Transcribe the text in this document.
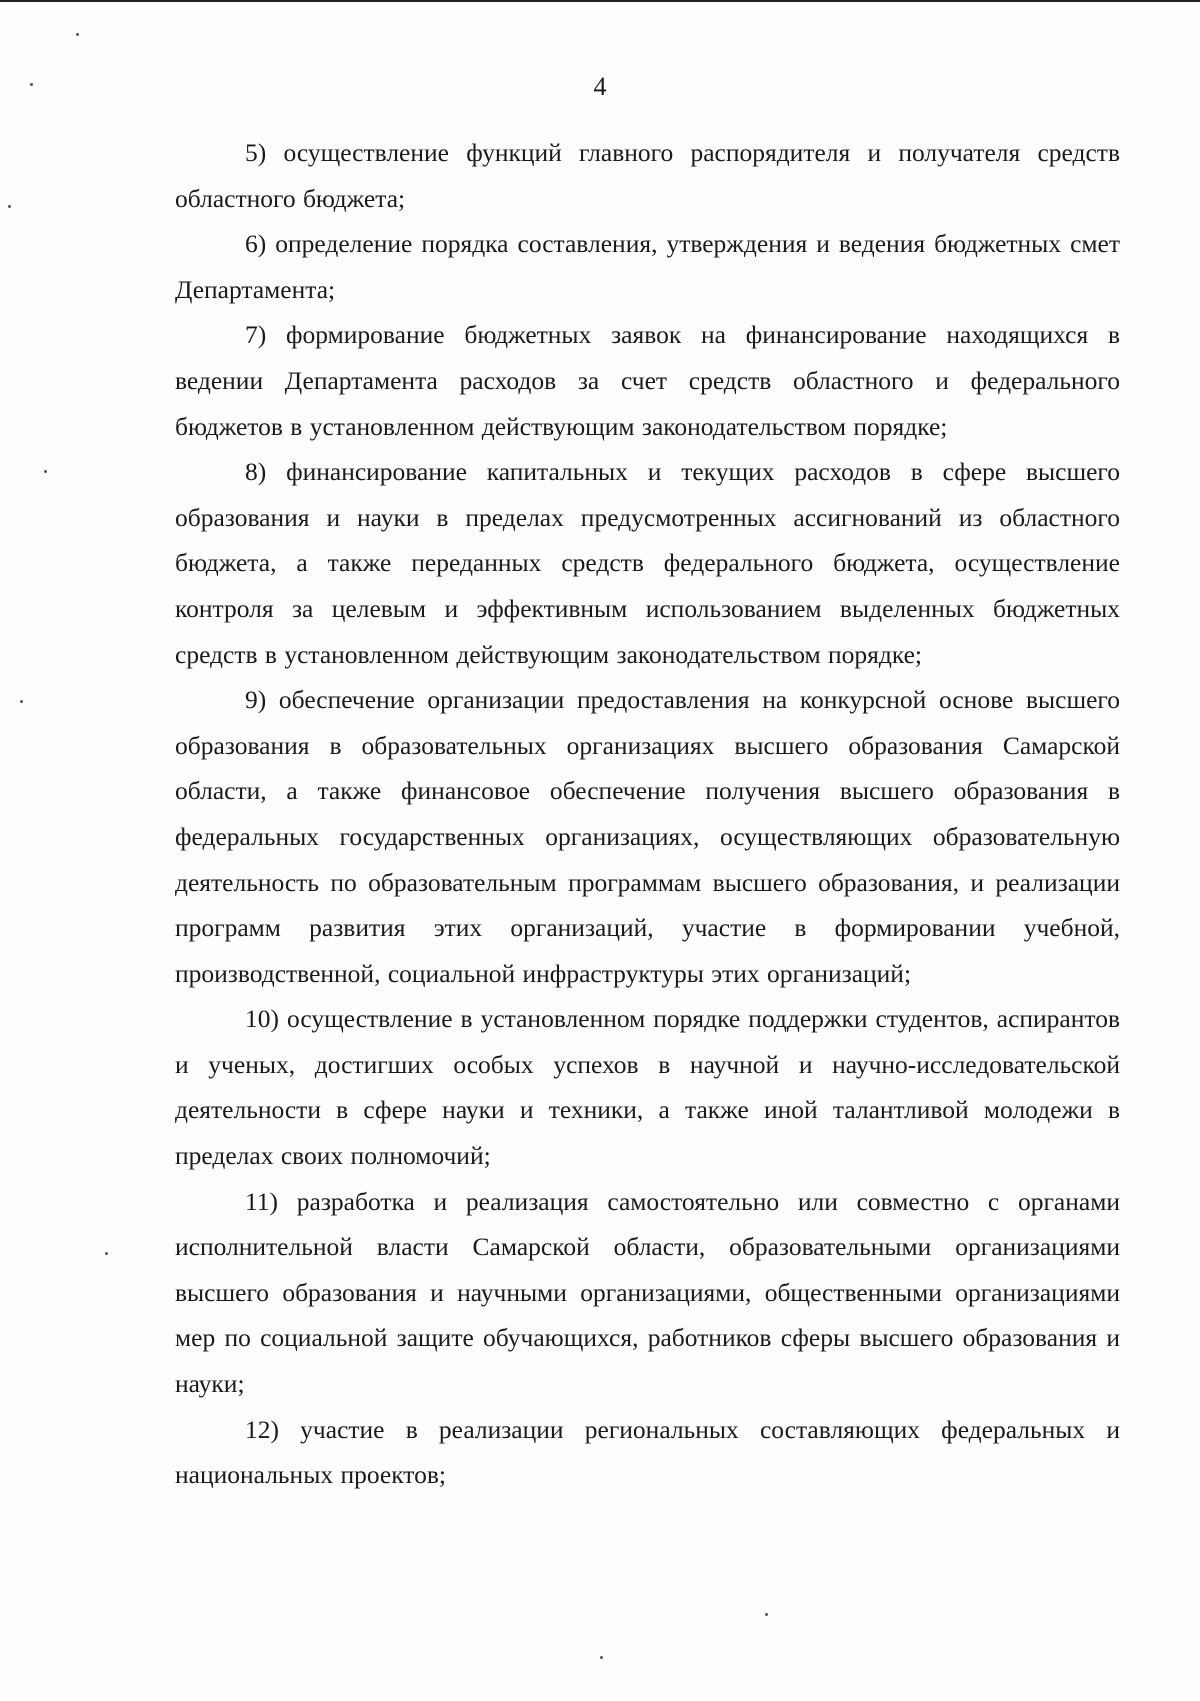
4

5) осуществление функций главного распорядителя и получателя средств областного бюджета;

6) определение порядка составления, утверждения и ведения бюджетных смет Департамента;

7) формирование бюджетных заявок на финансирование находящихся в ведении Департамента расходов за счет средств областного и федерального бюджетов в установленном действующим законодательством порядке;

8) финансирование капитальных и текущих расходов в сфере высшего образования и науки в пределах предусмотренных ассигнований из областного бюджета, а также переданных средств федерального бюджета, осуществление контроля за целевым и эффективным использованием выделенных бюджетных средств в установленном действующим законодательством порядке;

9) обеспечение организации предоставления на конкурсной основе высшего образования в образовательных организациях высшего образования Самарской области, а также финансовое обеспечение получения высшего образования в федеральных государственных организациях, осуществляющих образовательную деятельность по образовательным программам высшего образования, и реализации программ развития этих организаций, участие в формировании учебной, производственной, социальной инфраструктуры этих организаций;

10) осуществление в установленном порядке поддержки студентов, аспирантов и ученых, достигших особых успехов в научной и научно-исследовательской деятельности в сфере науки и техники, а также иной талантливой молодежи в пределах своих полномочий;

11) разработка и реализация самостоятельно или совместно с органами исполнительной власти Самарской области, образовательными организациями высшего образования и научными организациями, общественными организациями мер по социальной защите обучающихся, работников сферы высшего образования и науки;

12) участие в реализации региональных составляющих федеральных и национальных проектов;
